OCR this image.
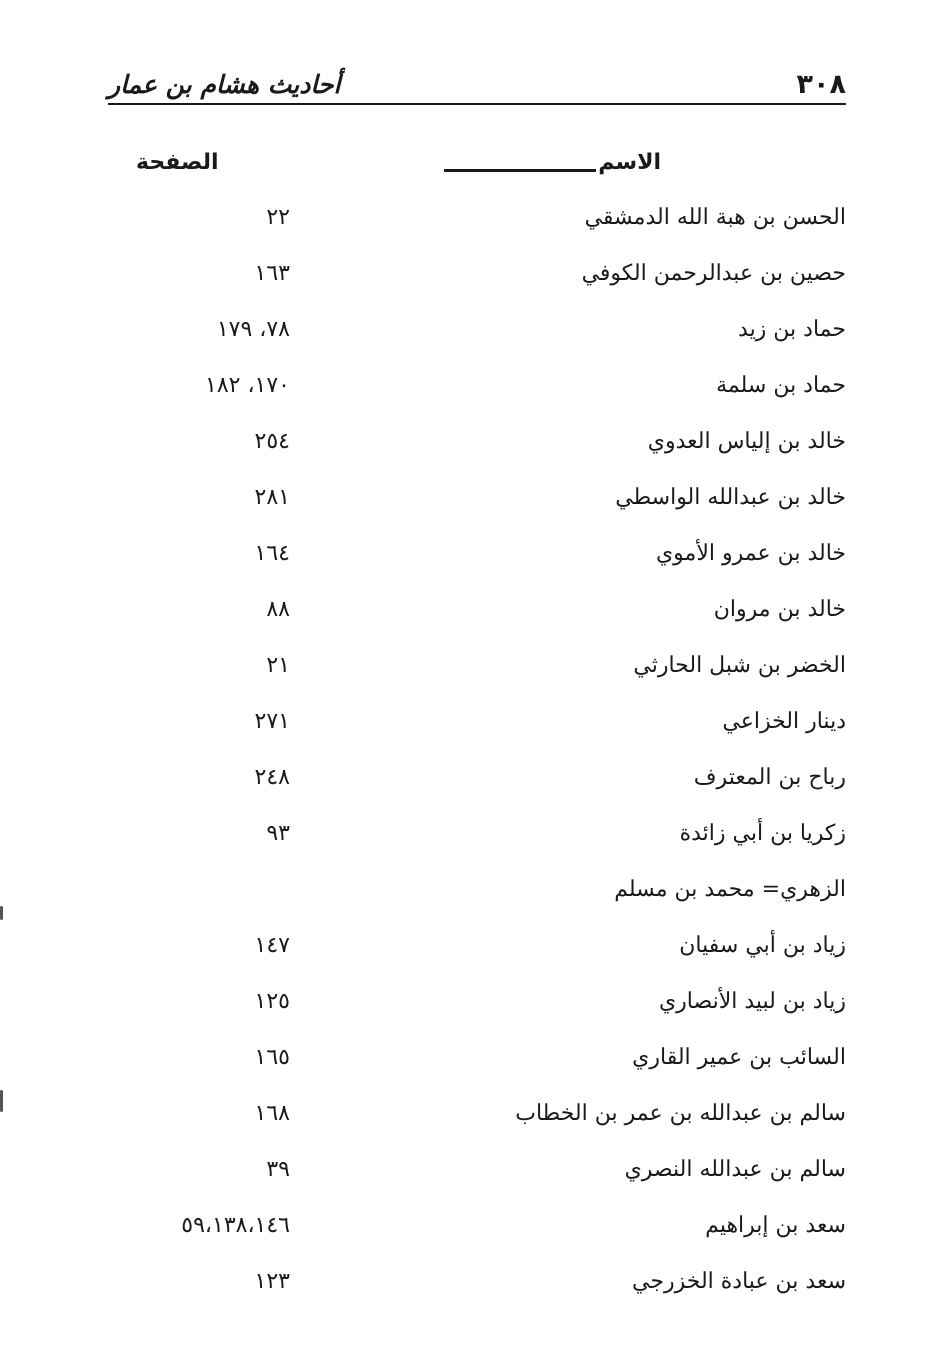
٣٠٨
أحاديث هشام بن عمار
الاسم
الصفحة
الحسن بن هبة الله الدمشقي
٢٢
حصين بن عبدالرحمن الكوفي
١٦٣
حماد بن زيد
٧٨، ١٧٩
حماد بن سلمة
١٧٠، ١٨٢
خالد بن إلياس العدوي
٢٥٤
خالد بن عبدالله الواسطي
٢٨١
خالد بن عمرو الأموي
١٦٤
خالد بن مروان
٨٨
الخضر بن شبل الحارثي
٢١
دينار الخزاعي
٢٧١
رباح بن المعترف
٢٤٨
زكريا بن أبي زائدة
٩٣
الزهري= محمد بن مسلم
زياد بن أبي سفيان
١٤٧
زياد بن لبيد الأنصاري
١٢٥
السائب بن عمير القاري
١٦٥
سالم بن عبدالله بن عمر بن الخطاب
١٦٨
سالم بن عبدالله النصري
٣٩
سعد بن إبراهيم
٥٩،١٣٨،١٤٦
سعد بن عبادة الخزرجي
١٢٣
